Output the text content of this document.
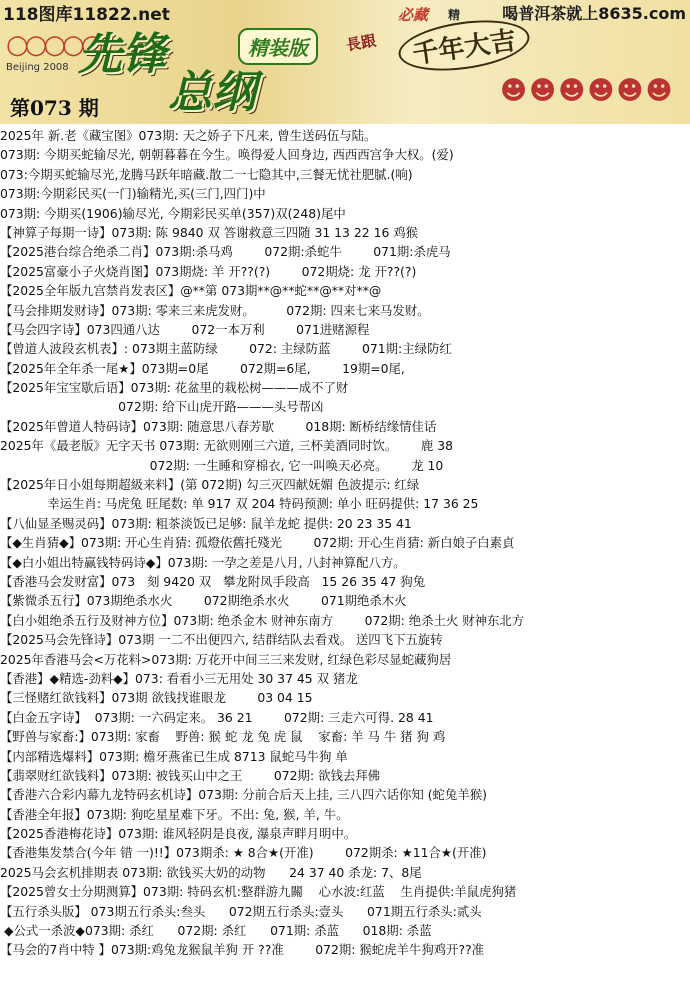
118图库11822.net	喝普洱茶就上8635.com
○○○○○
Beijing 2008 先锋
总纲
精装版
必藏 精
長跟	千年大吉
第073 期
☻☻☻☻☻☻
2025年 新.老《藏宝图》073期: 天之娇子下凡来, 曾生送码伍与陆。
073期: 今期买蛇输尽光, 朝朝暮暮在今生。唤得爱人回身边, 西西西宫争大权。(爱)
073:今期买蛇输尽光,龙腾马跃年暗藏.散二一七隐其中,三餐无忧社肥腻.(响)
073期:今期彩民买(一门)输精光,买(三门,四门)中
073期: 今期买(1906)输尽光, 今期彩民买单(357)双(248)尾中
【神算子每期一诗】073期: 陈 9840 双 答谢救意三四随 31 13 22 16 鸡猴
【2025港台综合绝杀二肖】073期:杀马鸡        072期:杀蛇牛        071期:杀虎马
【2025富豪小子火烧肖图】073期烧: 羊 开??(?)        072期烧: 龙 开??(?)
【2025全年版九宫禁肖发表区】@**第 073期**@**蛇**@**对**@
【马会排期发财诗】073期: 零来三来虎发财。        072期: 四来七来马发财。
【马会四字诗】073四通八达        072一本万利        071进赌源程
【曾道人波段玄机表】: 073期主蓝防绿        072: 主绿防蓝        071期:主绿防红
【2025年全年杀一尾★】073期=0尾        072期=6尾,        19期=0尾,
【2025年宝宝歇后语】073期: 花盆里的栽松树———成不了财
072期: 给下山虎开路———头号帮凶
【2025年曾道人特码诗】073期: 随意思八春芳歇        018期: 断桥结缘情佳话
2025年《最老版》无字天书 073期: 无欲则刚三六道, 三杯美酒同时饮。      鹿 38
072期: 一生睡和穿棉衣, 它一叫唤天必亮。      龙 10
【2025年日小姐每期超級来料】(第 072期) 勾三灭四献妩媚 色波提示: 红绿
幸运生肖: 马虎兔 旺尾数: 单 917 双 204 特码预测: 单小 旺码提供: 17 36 25
【八仙显圣赐灵码】073期: 粗茶淡饭已足够: 鼠羊龙蛇 提供: 20 23 35 41
【◆生肖猜◆】073期: 开心生肖猜: 孤燈依舊托殘光        072期: 开心生肖猜: 新白娘子白素貞
【◆白小姐出特赢钱特码诗◆】073期: 一孕之差是八月, 八封神算配八方。
【香港马会发财富】073   刻 9420 双   攀龙附凤手段高   15 26 35 47 狗兔
【紫微杀五行】073期绝杀水火        072期绝杀水火        071期绝杀木火
【白小姐绝杀五行及财神方位】073期: 绝杀金木 财神东南方        072期: 绝杀土火 财神东北方
【2025马会先锋诗】073期 一二不出便四六, 结群结队去看戏。 送四飞下五旋转
2025年香港马会<万花料>073期: 万花开中间三三来发财, 红绿色彩尽显蛇藏狗居
【香港】◆精选-劲料◆】073: 看看小三无用处 30 37 45 双 猪龙
【三怪赌红欲钱料】073期 欲钱找谁眼龙        03 04 15
【白金五字诗】  073期: 一六码定来。 36 21        072期: 三走六可得. 28 41
【野兽与家畜:】073期: 家畜    野兽: 猴 蛇 龙 兔 虎 鼠    家畜: 羊 马 牛 猪 狗 鸡
【内部精选爆料】073期: 檐牙燕雀已生成 8713 鼠蛇马牛狗 单
【翡翠财红欲钱料】073期: 被钱买山中之王        072期: 欲钱去拜佛
【香港六合彩内幕九龙特码玄机诗】073期: 分前合后天上挂, 三八四六话你知 (蛇兔羊猴)
【香港全年报】073期: 狗吃星星难下牙。不出: 兔, 猴, 羊, 牛。
【2025香港梅花诗】073期: 谁风轻阴是良夜, 瀑泉声畔月明中。
【香港集发禁合(今年 错 一)!!】073期杀: ★ 8合★(开准)        072期杀: ★11合★(开准)
2025马会玄机排期表 073期: 欲钱买大奶的动物      24 37 40 杀龙: 7、8尾
【2025曾女士分期测算】073期: 特码玄机:整群游九關    心水波:红蓝    生肖提供:羊鼠虎狗猪
【五行杀头版】 073期五行杀头:叁头      072期五行杀头:壹头      071期五行杀头:贰头
◆公式一杀波◆073期: 杀红      072期: 杀红      071期: 杀蓝      018期: 杀蓝
【马会的7肖中特 】073期:鸡兔龙猴鼠羊狗 开 ??准        072期: 猴蛇虎羊牛狗鸡开??准
